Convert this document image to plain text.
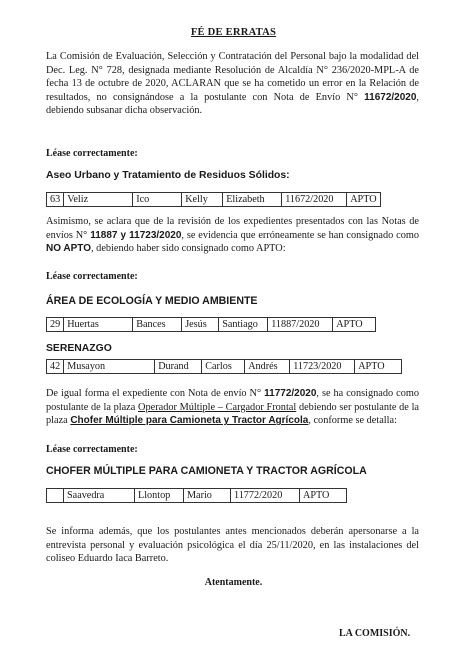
FÉ DE ERRATAS
La Comisión de Evaluación, Selección y Contratación del Personal bajo la modalidad del Dec. Leg. N° 728, designada mediante Resolución de Alcaldía N° 236/2020-MPL-A de fecha 13 de octubre de 2020, ACLARAN que se ha cometido un error en la Relación de resultados, no consignándose a la postulante con Nota de Envío N° 11672/2020, debiendo subsanar dicha observación.
Léase correctamente:
Aseo Urbano y Tratamiento de Residuos Sólidos:
63	Veliz	Ico	Kelly	Elizabeth	11672/2020	APTO
Asimismo, se aclara que de la revisión de los expedientes presentados con las Notas de envíos N° 11887 y 11723/2020, se evidencia que erróneamente se han consignado como NO APTO, debiendo haber sido consignado como APTO:
Léase correctamente:
ÁREA DE ECOLOGÍA Y MEDIO AMBIENTE
29	Huertas	Bances	Jesús	Santiago	11887/2020	APTO
SERENAZGO
42	Musayon	Durand	Carlos	Andrés	11723/2020	APTO
De igual forma el expediente con Nota de envío N° 11772/2020, se ha consignado como postulante de la plaza Operador Múltiple – Cargador Frontal debiendo ser postulante de la plaza Chofer Múltiple para Camioneta y Tractor Agrícola, conforme se detalla:
Léase correctamente:
CHOFER MÚLTIPLE PARA CAMIONETA Y TRACTOR AGRÍCOLA
	Saavedra	Llontop	Mario	11772/2020	APTO
Se informa además, que los postulantes antes mencionados deberán apersonarse a la entrevista personal y evaluación psicológica el día 25/11/2020, en las instalaciones del coliseo Eduardo Iaca Barreto.
Atentamente.
LA COMISIÓN.
